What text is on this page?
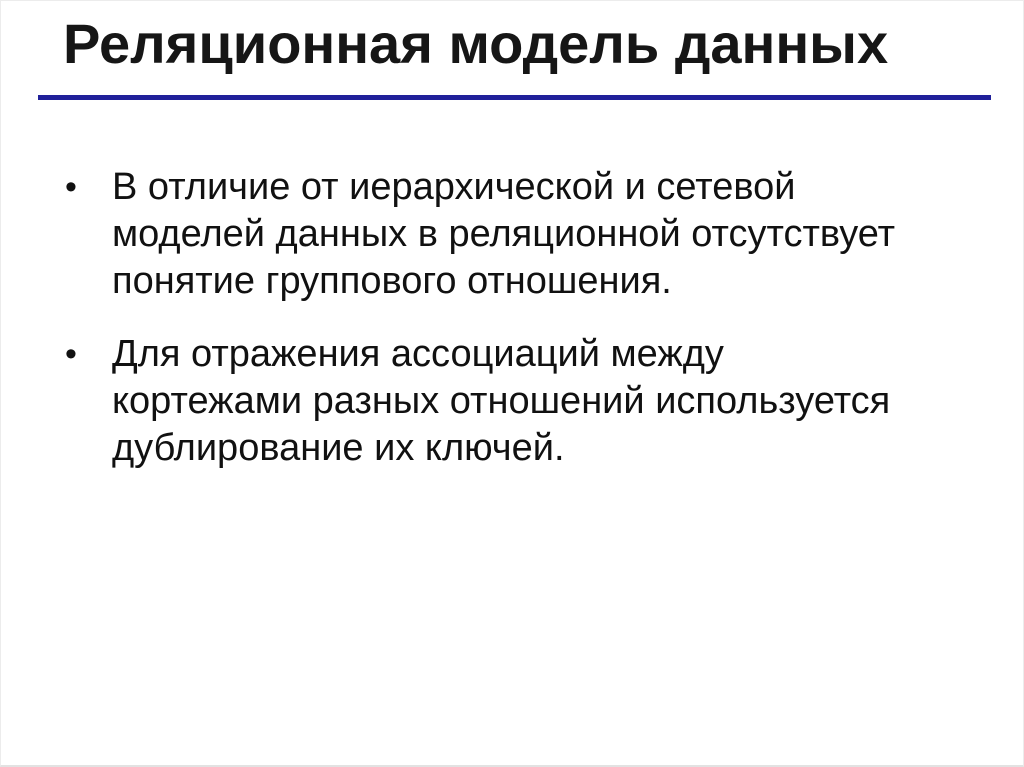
Реляционная модель данных
• В отличие от иерархической и сетевой
моделей данных в реляционной отсутствует
понятие группового отношения.
• Для отражения ассоциаций между
кортежами разных отношений используется
дублирование их ключей.
